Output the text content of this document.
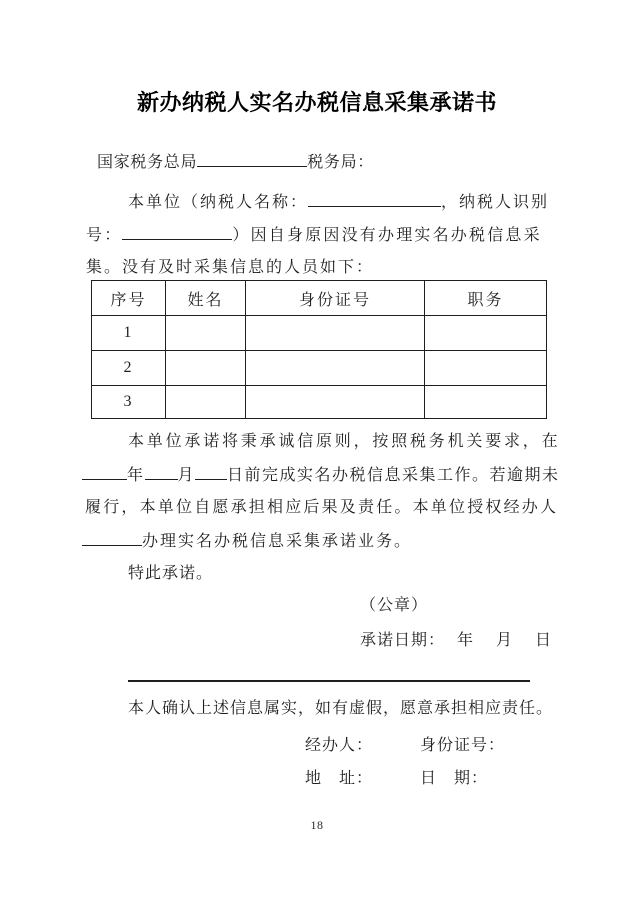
新办纳税人实名办税信息采集承诺书
国家税务总局	税务局：
本单位（纳税人名称：	，纳税人识别
号：	）因自身原因没有办理实名办税信息采
集。没有及时采集信息的人员如下：
序号	姓名	身份证号	职务
1			
2			
3			
本单位承诺将秉承诚信原则，按照税务机关要求，在
年 月 日前完成实名办税信息采集工作。若逾期未
履行，本单位自愿承担相应后果及责任。本单位授权经办人
办理实名办税信息采集承诺业务。
特此承诺。
（公章）
承诺日期： 年 月 日
本人确认上述信息属实，如有虚假，愿意承担相应责任。
经办人：	身份证号：
地　址：	日　期：
18
